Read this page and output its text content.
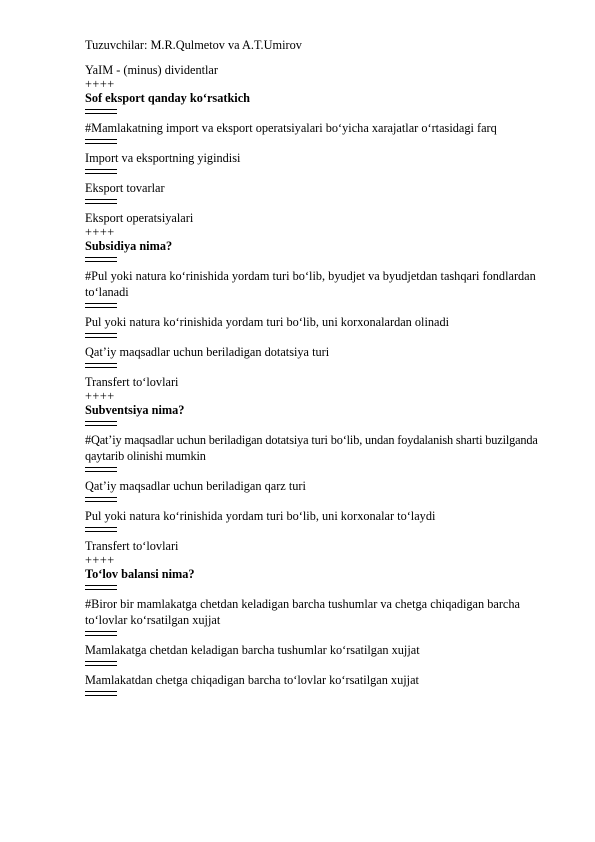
Tuzuvchilar: M.R.Qulmetov va A.T.Umirov
YaIM - (minus) dividentlar
++++
Sof eksport qanday ko‘rsatkich
#Mamlakatning import va eksport operatsiyalari bo‘yicha xarajatlar o‘rtasidagi farq
Import va eksportning yigindisi
Eksport tovarlar
Eksport operatsiyalari
++++
Subsidiya nima?
#Pul yoki natura ko‘rinishida yordam turi bo‘lib, byudjet va byudjetdan tashqari fondlardan to‘lanadi
Pul yoki natura ko‘rinishida yordam turi bo‘lib, uni korxonalardan olinadi
Qat’iy maqsadlar uchun beriladigan dotatsiya turi
Transfert to‘lovlari
++++
Subventsiya nima?
#Qat’iy maqsadlar uchun beriladigan dotatsiya turi bo‘lib, undan foydalanish sharti buzilganda qaytarib olinishi mumkin
Qat’iy maqsadlar uchun beriladigan qarz turi
Pul yoki natura ko‘rinishida yordam turi bo‘lib, uni korxonalar to‘laydi
Transfert to‘lovlari
++++
To‘lov balansi nima?
#Biror bir mamlakatga chetdan keladigan barcha tushumlar va chetga chiqadigan barcha to‘lovlar ko‘rsatilgan xujjat
Mamlakatga chetdan keladigan barcha tushumlar ko‘rsatilgan xujjat
Mamlakatdan chetga chiqadigan barcha to‘lovlar ko‘rsatilgan xujjat
